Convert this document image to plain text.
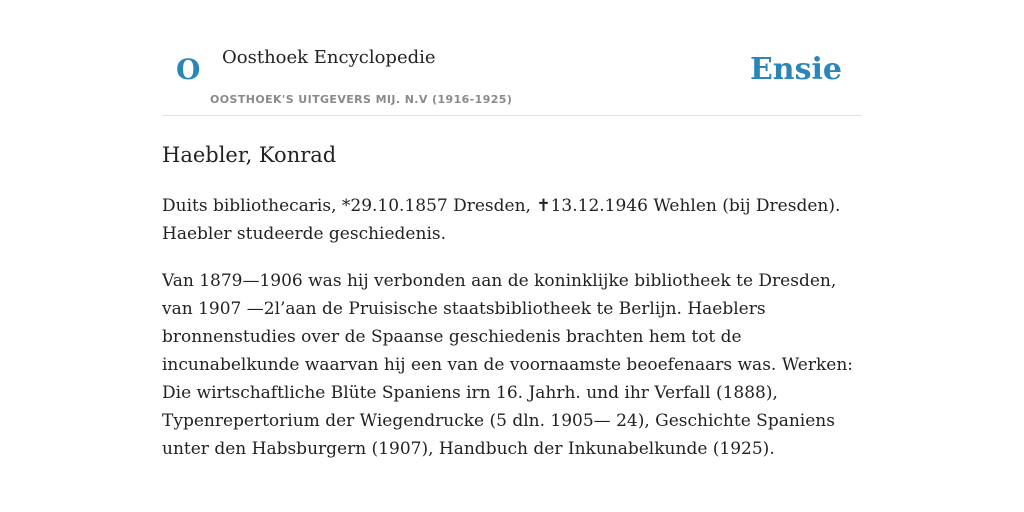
O Oosthoek Encyclopedie
OOSTHOEK'S UITGEVERS MIJ. N.V (1916-1925)
Ensie
Haebler, Konrad

Duits bibliothecaris, *29.10.1857 Dresden, ✝13.12.1946 Wehlen (bij Dresden). Haebler studeerde geschiedenis.

Van 1879—1906 was hij verbonden aan de koninklijke bibliotheek te Dresden, van 1907 —2l’aan de Pruisische staatsbibliotheek te Berlijn. Haeblers bronnenstudies over de Spaanse geschiedenis brachten hem tot de incunabelkunde waarvan hij een van de voornaamste beoefenaars was. Werken: Die wirtschaftliche Blüte Spaniens irn 16. Jahrh. und ihr Verfall (1888), Typenrepertorium der Wiegendrucke (5 dln. 1905— 24), Geschichte Spaniens unter den Habsburgern (1907), Handbuch der Inkunabelkunde (1925).
